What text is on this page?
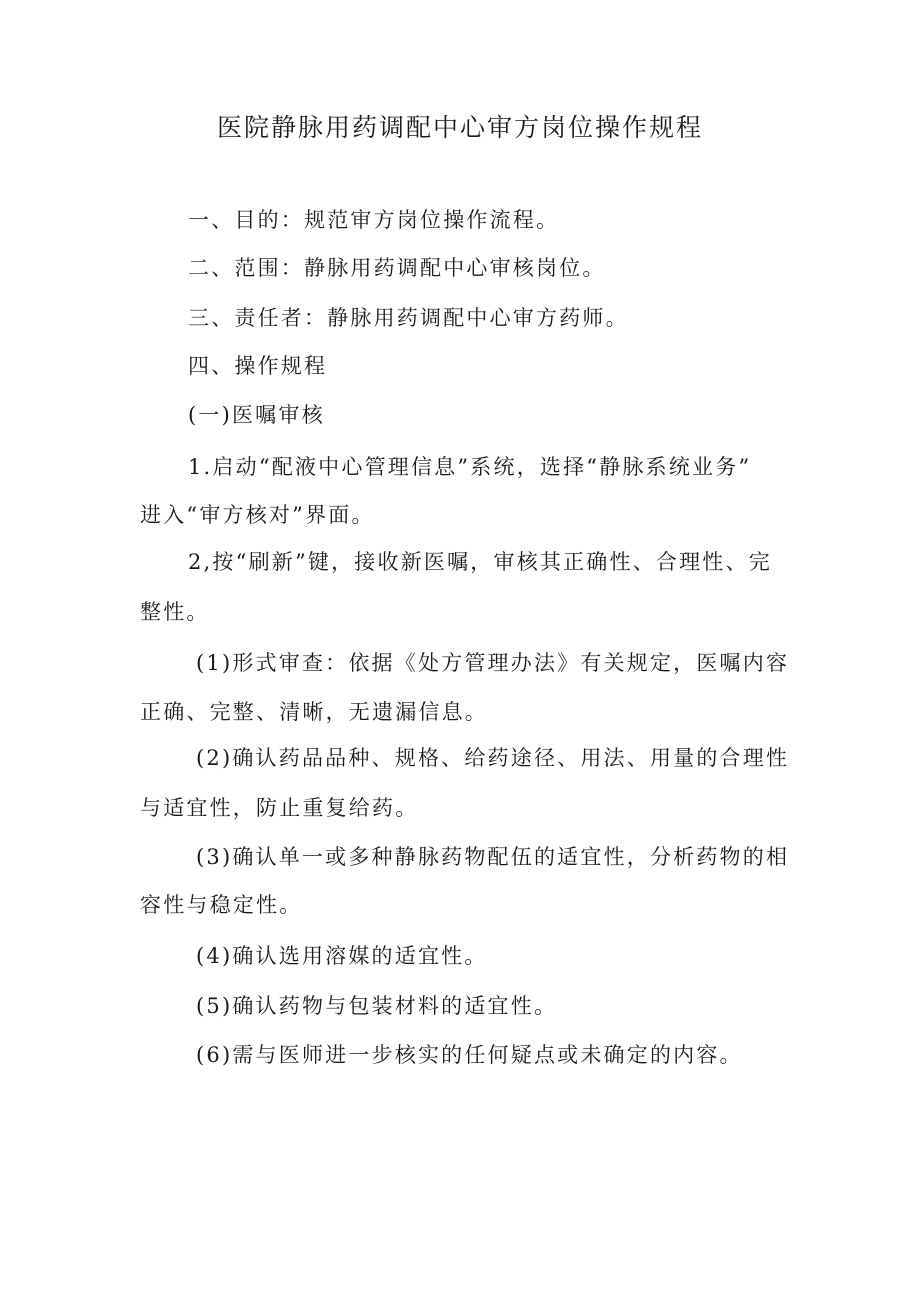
医院静脉用药调配中心审方岗位操作规程
一、目的：规范审方岗位操作流程。
二、范围：静脉用药调配中心审核岗位。
三、责任者：静脉用药调配中心审方药师。
四、操作规程
(一)医嘱审核
1.启动“配液中心管理信息”系统，选择“静脉系统业务”
进入“审方核对”界面。
2,按“刷新”键，接收新医嘱，审核其正确性、合理性、完
整性。
(1)形式审查：依据《处方管理办法》有关规定，医嘱内容
正确、完整、清晰，无遗漏信息。
(2)确认药品品种、规格、给药途径、用法、用量的合理性
与适宜性，防止重复给药。
(3)确认单一或多种静脉药物配伍的适宜性，分析药物的相
容性与稳定性。
(4)确认选用溶媒的适宜性。
(5)确认药物与包装材料的适宜性。
(6)需与医师进一步核实的任何疑点或未确定的内容。
